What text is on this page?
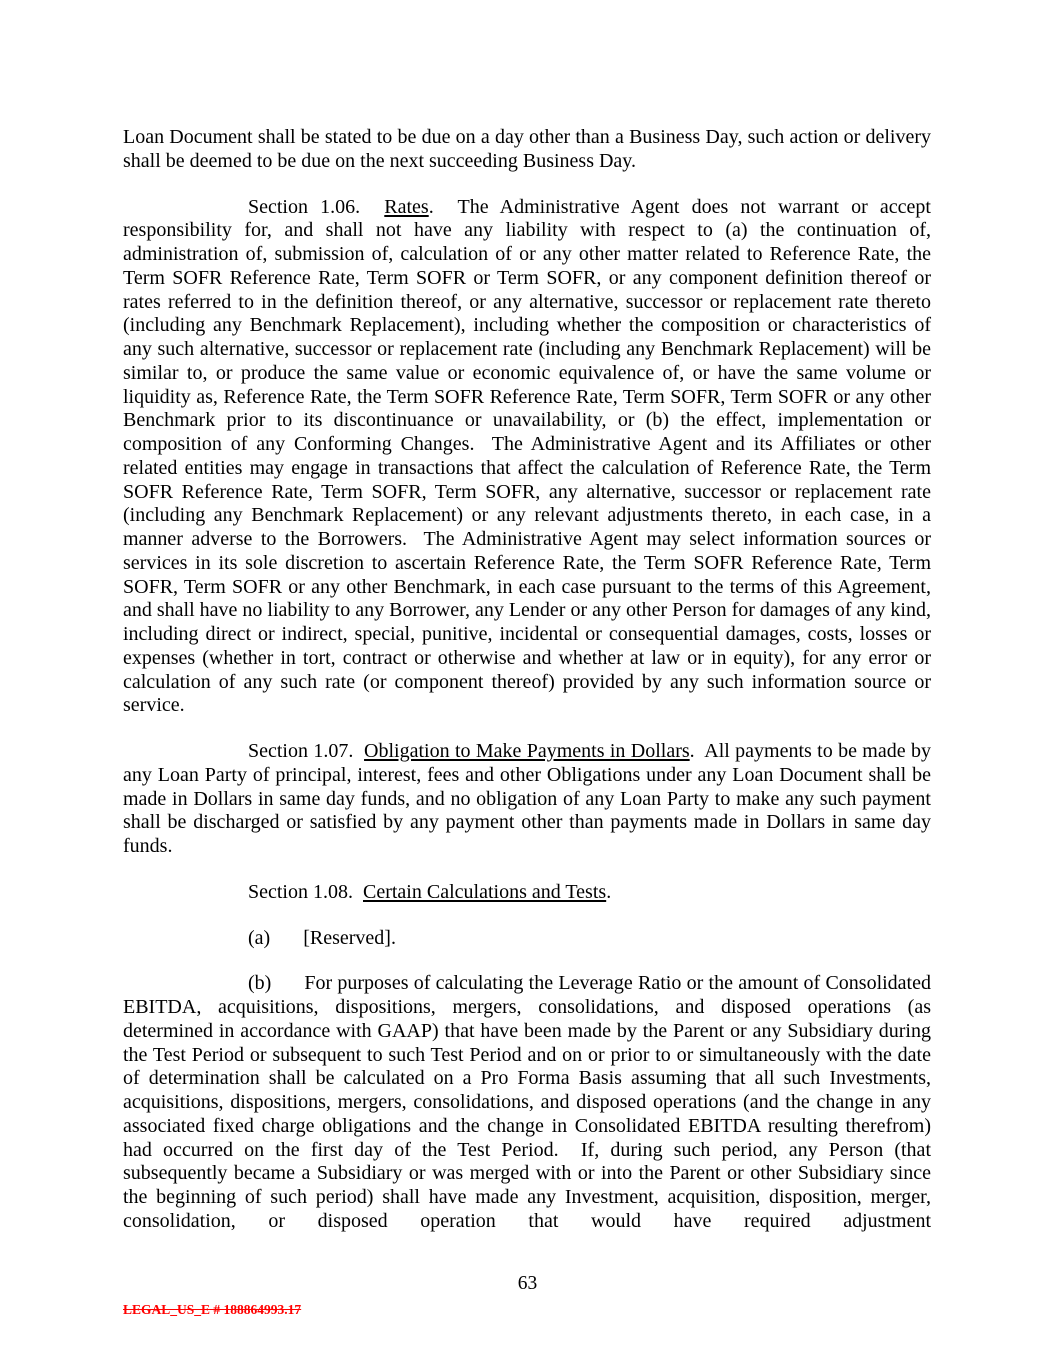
Loan Document shall be stated to be due on a day other than a Business Day, such action or delivery shall be deemed to be due on the next succeeding Business Day.

Section 1.06.  Rates.  The Administrative Agent does not warrant or accept responsibility for, and shall not have any liability with respect to (a) the continuation of, administration of, submission of, calculation of or any other matter related to Reference Rate, the Term SOFR Reference Rate, Term SOFR or Term SOFR, or any component definition thereof or rates referred to in the definition thereof, or any alternative, successor or replacement rate thereto (including any Benchmark Replacement), including whether the composition or characteristics of any such alternative, successor or replacement rate (including any Benchmark Replacement) will be similar to, or produce the same value or economic equivalence of, or have the same volume or liquidity as, Reference Rate, the Term SOFR Reference Rate, Term SOFR, Term SOFR or any other Benchmark prior to its discontinuance or unavailability, or (b) the effect, implementation or composition of any Conforming Changes.  The Administrative Agent and its Affiliates or other related entities may engage in transactions that affect the calculation of Reference Rate, the Term SOFR Reference Rate, Term SOFR, Term SOFR, any alternative, successor or replacement rate (including any Benchmark Replacement) or any relevant adjustments thereto, in each case, in a manner adverse to the Borrowers.  The Administrative Agent may select information sources or services in its sole discretion to ascertain Reference Rate, the Term SOFR Reference Rate, Term SOFR, Term SOFR or any other Benchmark, in each case pursuant to the terms of this Agreement, and shall have no liability to any Borrower, any Lender or any other Person for damages of any kind, including direct or indirect, special, punitive, incidental or consequential damages, costs, losses or expenses (whether in tort, contract or otherwise and whether at law or in equity), for any error or calculation of any such rate (or component thereof) provided by any such information source or service.

Section 1.07.  Obligation to Make Payments in Dollars.  All payments to be made by any Loan Party of principal, interest, fees and other Obligations under any Loan Document shall be made in Dollars in same day funds, and no obligation of any Loan Party to make any such payment shall be discharged or satisfied by any payment other than payments made in Dollars in same day funds.

Section 1.08.  Certain Calculations and Tests.

(a) [Reserved].

(b) For purposes of calculating the Leverage Ratio or the amount of Consolidated EBITDA, acquisitions, dispositions, mergers, consolidations, and disposed operations (as determined in accordance with GAAP) that have been made by the Parent or any Subsidiary during the Test Period or subsequent to such Test Period and on or prior to or simultaneously with the date of determination shall be calculated on a Pro Forma Basis assuming that all such Investments, acquisitions, dispositions, mergers, consolidations, and disposed operations (and the change in any associated fixed charge obligations and the change in Consolidated EBITDA resulting therefrom) had occurred on the first day of the Test Period.  If, during such period, any Person (that subsequently became a Subsidiary or was merged with or into the Parent or other Subsidiary since the beginning of such period) shall have made any Investment, acquisition, disposition, merger, consolidation, or disposed operation that would have required adjustment

63
LEGAL_US_E # 188864993.17
